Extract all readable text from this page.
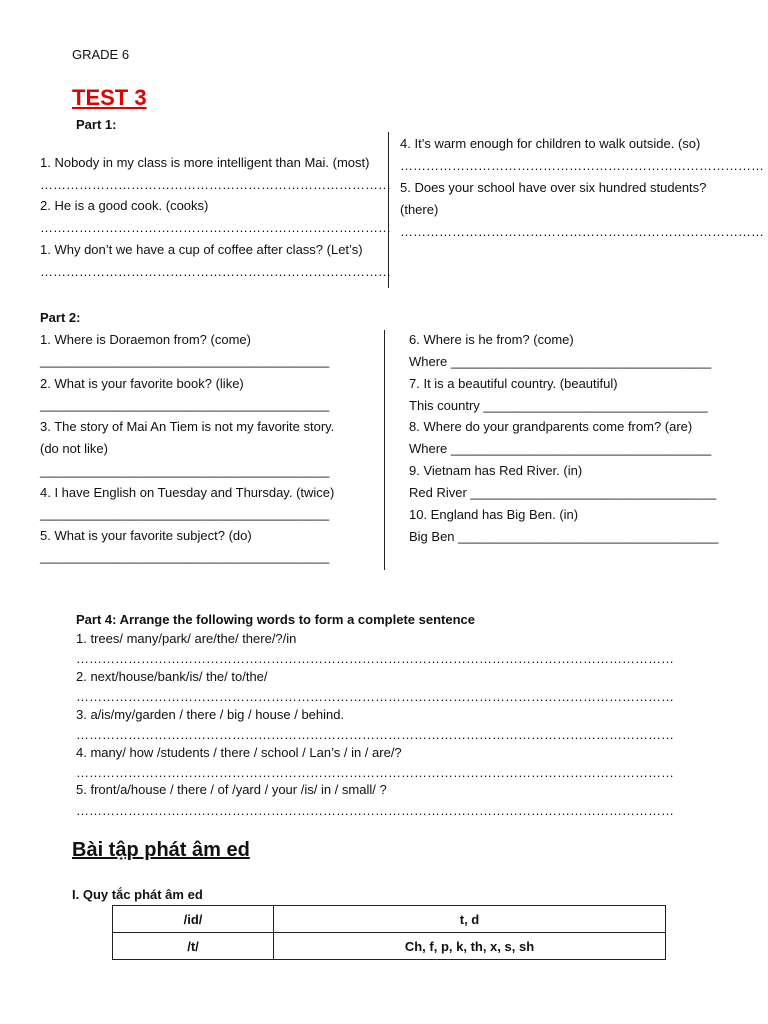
GRADE 6
TEST 3
Part 1:
1. Nobody in my class is more intelligent than Mai. (most)
………………………………………………………………………
2. He is a good cook. (cooks)
………………………………………………………………………
1. Why don’t we have a cup of coffee after class? (Let’s)
………………………………………………………………………
4. It’s warm enough for children to walk outside. (so)
…………………………………………………………………………
5. Does your school have over six hundred students?
(there)
…………………………………………………………………………
Part 2:
1. Where is Doraemon from? (come)
________________________________________
2. What is your favorite book? (like)
________________________________________
3. The story of Mai An Tiem is not my favorite story.
(do not like)
________________________________________
4. I have English on Tuesday and Thursday. (twice)
________________________________________
5. What is your favorite subject? (do)
________________________________________
6. Where is he from? (come)
Where ____________________________________
7. It is a beautiful country. (beautiful)
This country _______________________________
8. Where do your grandparents come from? (are)
Where ____________________________________
9. Vietnam has Red River. (in)
Red River __________________________________
10. England has Big Ben. (in)
Big Ben ____________________________________
Part 4: Arrange the following words to form a complete sentence
1. trees/ many/park/ are/the/ there/?/in
…………………………………………………………………………………………………………………………
2. next/house/bank/is/ the/ to/the/
…………………………………………………………………………………………………………………………
3. a/is/my/garden / there / big / house / behind.
…………………………………………………………………………………………………………………………
4. many/ how /students / there / school / Lan’s / in / are/?
…………………………………………………………………………………………………………………………
5. front/a/house / there / of /yard / your /is/ in / small/ ?
…………………………………………………………………………………………………………………………
Bài tập phát âm ed
I. Quy tắc phát âm ed
/id/	t, d
/t/	Ch, f, p, k, th, x, s, sh
